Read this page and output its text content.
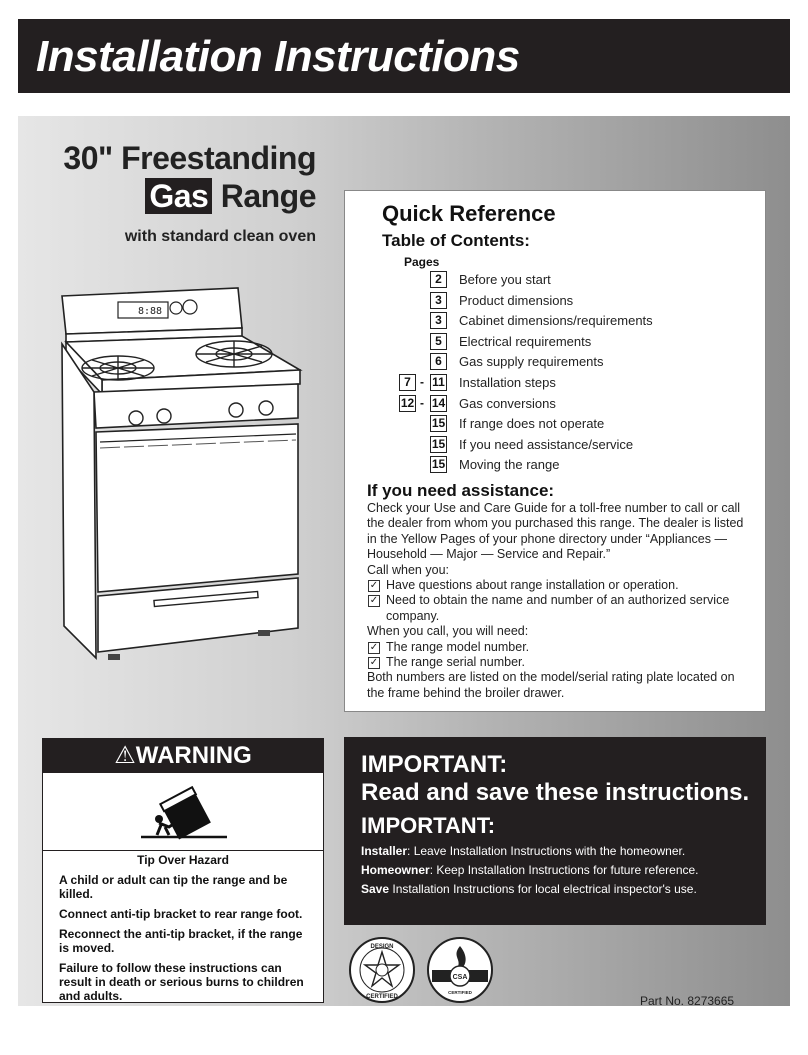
Installation Instructions
30" Freestanding
Gas Range
with standard clean oven
8:88
Quick Reference
Table of Contents:
Pages
2	Before you start
3	Product dimensions
3	Cabinet dimensions/requirements
5	Electrical requirements
6	Gas supply requirements
7 - 11 Installation steps
12 - 14 Gas conversions
15 If range does not operate
15 If you need assistance/service
15 Moving the range
If you need assistance:

Check your Use and Care Guide for a toll-free number to call or call the dealer from whom you purchased this range. The dealer is listed in the Yellow Pages of your phone directory under “Appliances — Household — Major — Service and Repair.”

Call when you:

✓ Have questions about range installation or operation.
✓ Need to obtain the name and number of an authorized service company.

When you call, you will need:

✓ The range model number.
✓ The range serial number.

Both numbers are listed on the model/serial rating plate located on the frame behind the broiler drawer.

⚠WARNING
Tip Over Hazard

A child or adult can tip the range and be killed.

Connect anti-tip bracket to rear range foot.

Reconnect the anti-tip bracket, if the range is moved.

Failure to follow these instructions can result in death or serious burns to children and adults.

IMPORTANT:
Read and save these instructions.
IMPORTANT:
Installer: Leave Installation Instructions with the homeowner.
Homeowner: Keep Installation Instructions for future reference.
Save Installation Instructions for local electrical inspector's use.
DESIGN
CERTIFIED
CSA
CERTIFIED
Part No. 8273665
